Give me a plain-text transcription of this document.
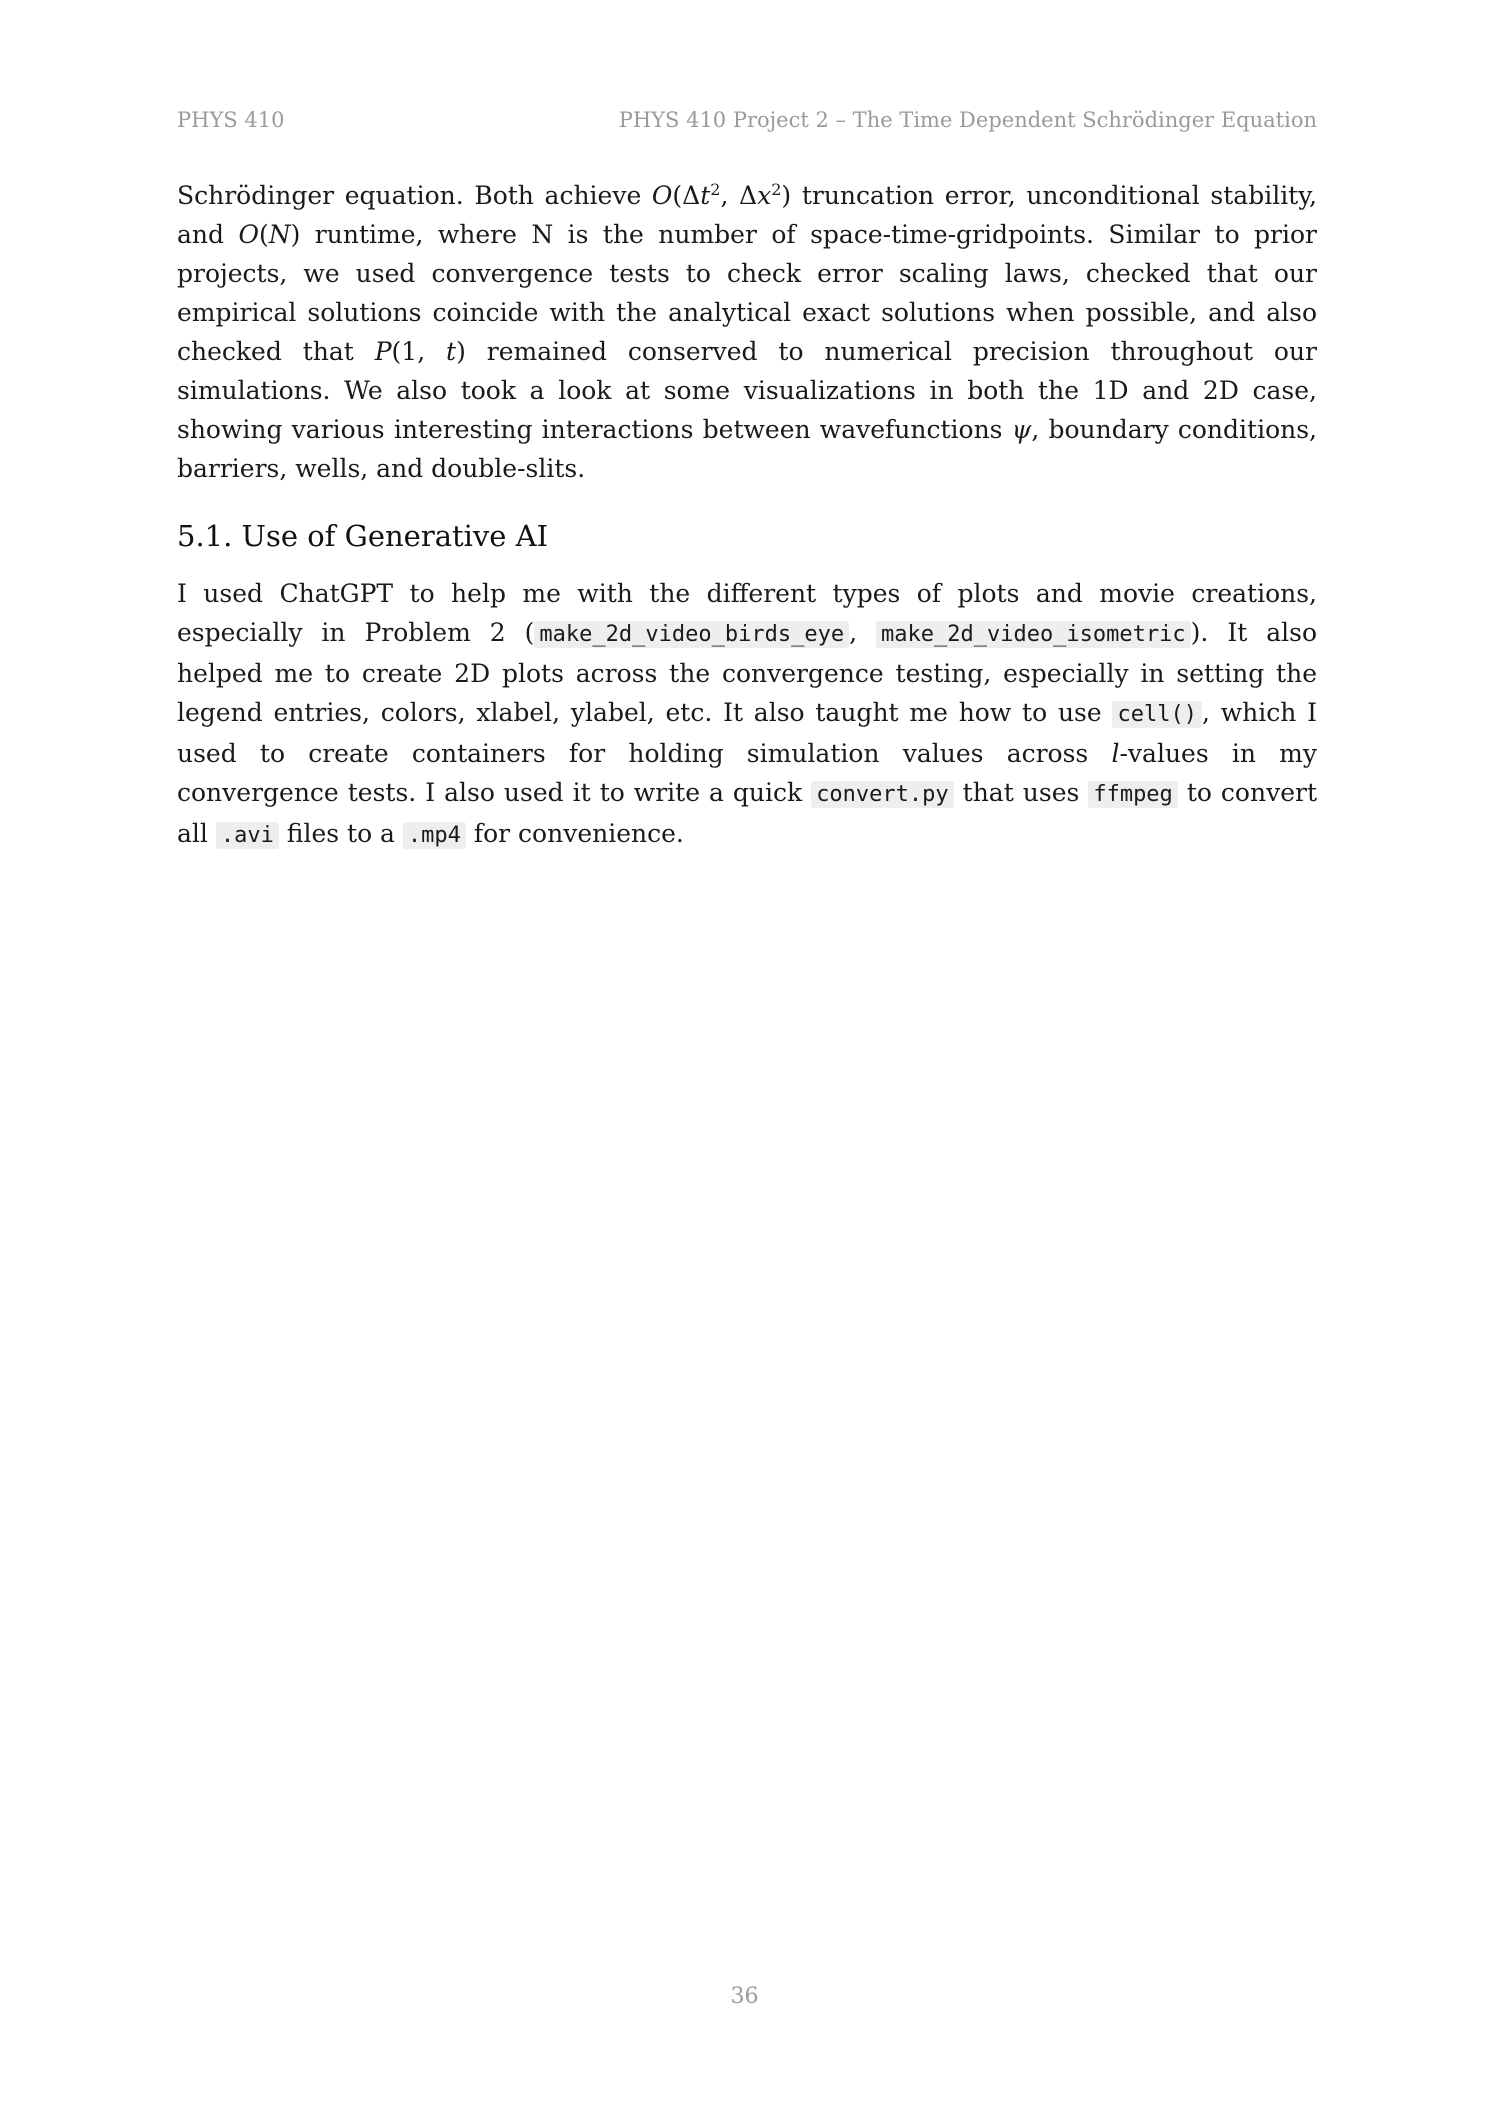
PHYS 410	PHYS 410 Project 2 – The Time Dependent Schrödinger Equation

Schrödinger equation. Both achieve $O(\Delta t^2$, $\Delta x^2$) truncation error, unconditional stability, and O(N) runtime, where N is the number of space-time-gridpoints. Similar to prior projects, we used convergence tests to check error scaling laws, checked that our empirical solutions coincide with the analytical exact solutions when possible, and also checked that P(1, t) remained conserved to numerical precision throughout our simulations. We also took a look at some visualizations in both the 1D and 2D case, showing various interesting interactions between wavefunctions ψ, boundary conditions, barriers, wells, and double-slits.

5.1. Use of Generative AI

I used ChatGPT to help me with the different types of plots and movie creations, especially in Problem 2 ( make_2d_video_birds_eye , make_2d_video_isometric ). It also helped me to create 2D plots across the convergence testing, especially in setting the legend entries, colors, xlabel, ylabel, etc. It also taught me how to use cell() , which I used to create containers for holding simulation values across l-values in my convergence tests. I also used it to write a quick convert.py that uses ffmpeg to convert all .avi files to a .mp4 for convenience.

36
